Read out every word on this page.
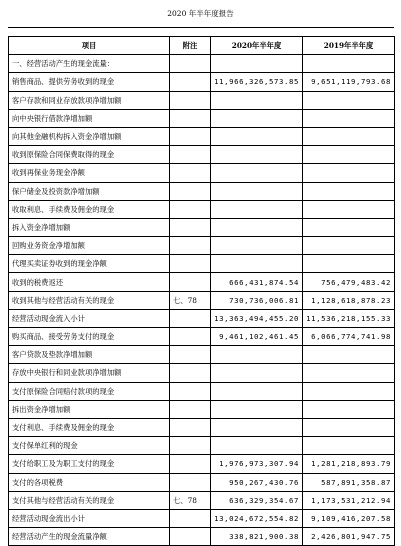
2020 年半年度报告
项目	附注	2020年半年度	2019年半年度
一、经营活动产生的现金流量：			
销售商品、提供劳务收到的现金		11,966,326,573.85	9,651,119,793.68
客户存款和同业存放款项净增加额			
向中央银行借款净增加额			
向其他金融机构拆入资金净增加额			
收到原保险合同保费取得的现金			
收到再保业务现金净额			
保户储金及投资款净增加额			
收取利息、手续费及佣金的现金			
拆入资金净增加额			
回购业务资金净增加额			
代理买卖证券收到的现金净额			
收到的税费返还		666,431,874.54	756,479,483.42
收到其他与经营活动有关的现金	七、78	730,736,006.81	1,128,618,878.23
经营活动现金流入小计		13,363,494,455.20	11,536,218,155.33
购买商品、接受劳务支付的现金		9,461,102,461.45	6,066,774,741.98
客户贷款及垫款净增加额			
存放中央银行和同业款项净增加额			
支付原保险合同赔付款项的现金			
拆出资金净增加额			
支付利息、手续费及佣金的现金			
支付保单红利的现金			
支付给职工及为职工支付的现金		1,976,973,307.94	1,281,218,893.79
支付的各项税费		950,267,430.76	587,891,358.87
支付其他与经营活动有关的现金	七、78	636,329,354.67	1,173,531,212.94
经营活动现金流出小计		13,024,672,554.82	9,109,416,207.58
经营活动产生的现金流量净额		338,821,900.38	2,426,801,947.75
